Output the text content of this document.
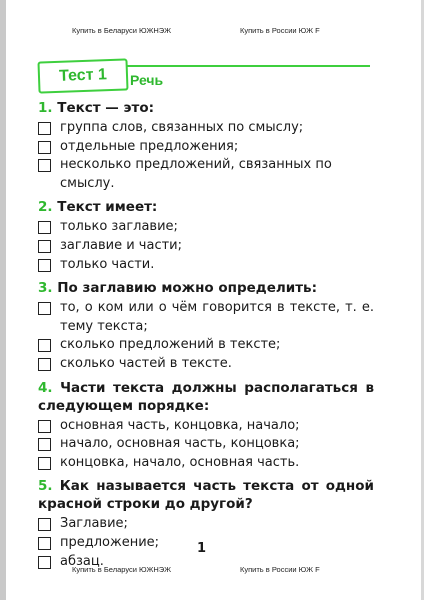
Купить в Беларуси ЮЖНЭЖ	Купить в России ЮЖ F
Тест 1	Речь
1. Текст — это:
группа слов, связанных по смыслу;
отдельные предложения;
несколько предложений, связанных по смыслу.
2. Текст имеет:
только заглавие;
заглавие и части;
только части.
3. По заглавию можно определить:
то, о ком или о чём говорится в тексте, т. е. тему текста;
сколько предложений в тексте;
сколько частей в тексте.
4. Части текста должны располагаться в следующем порядке:
основная часть, концовка, начало;
начало, основная часть, концовка;
концовка, начало, основная часть.
5. Как называется часть текста от одной красной строки до другой?
Заглавие;
предложение;
абзац.
1
Купить в Беларуси ЮЖНЭЖ	Купить в России ЮЖ F
